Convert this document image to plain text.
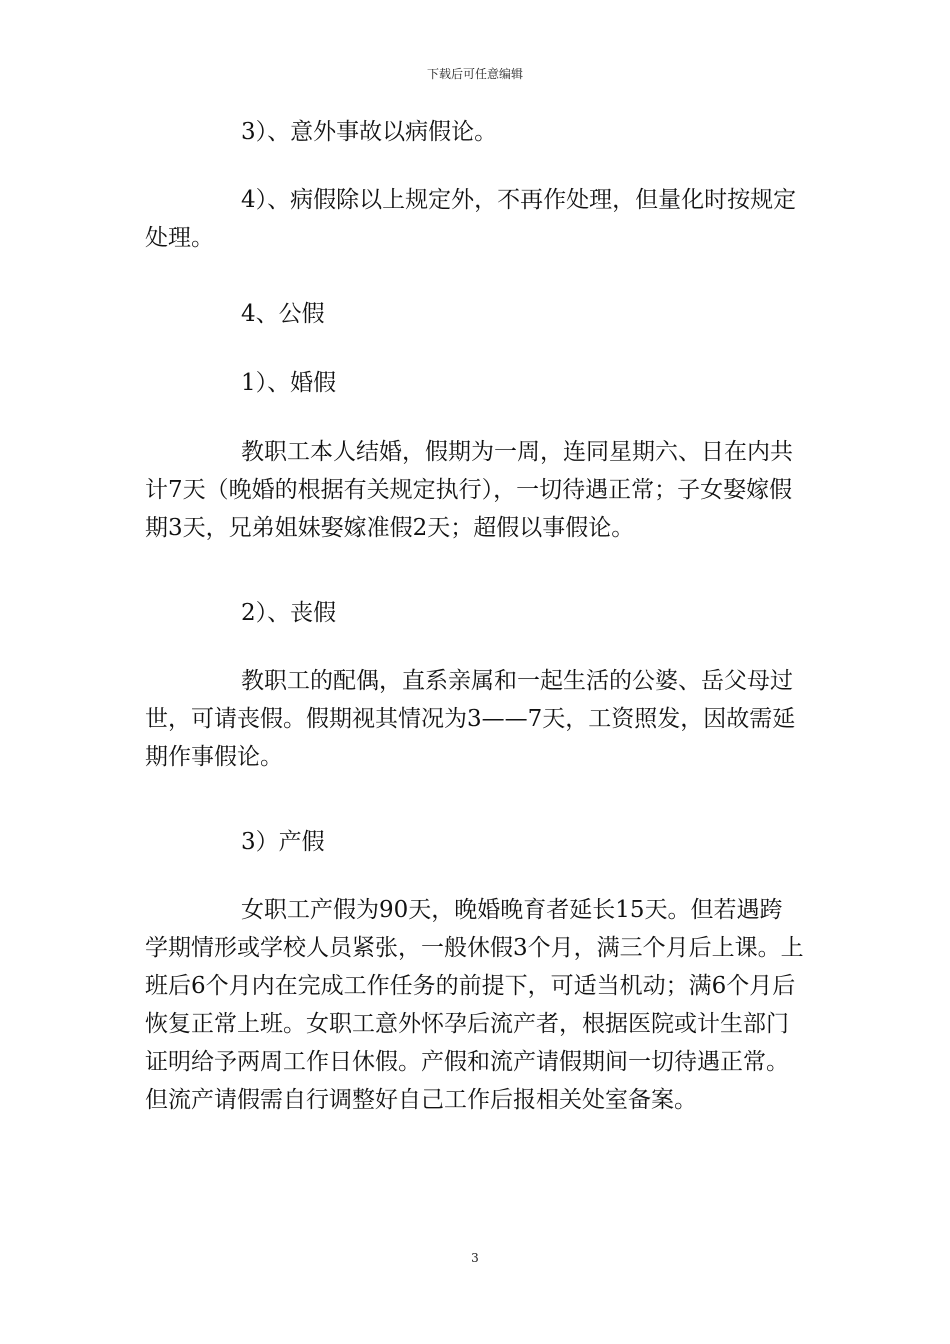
下载后可任意编辑

3）、意外事故以病假论。

4）、病假除以上规定外，不再作处理，但量化时按规定处理。

4、公假

1）、婚假

教职工本人结婚，假期为一周，连同星期六、日在内共计7天（晚婚的根据有关规定执行），一切待遇正常；子女娶嫁假期3天，兄弟姐妹娶嫁准假2天；超假以事假论。

2）、丧假

教职工的配偶，直系亲属和一起生活的公婆、岳父母过世，可请丧假。假期视其情况为3——7天，工资照发，因故需延期作事假论。

3）产假

女职工产假为90天，晚婚晚育者延长15天。但若遇跨学期情形或学校人员紧张，一般休假3个月，满三个月后上课。上班后6个月内在完成工作任务的前提下，可适当机动；满6个月后恢复正常上班。女职工意外怀孕后流产者，根据医院或计生部门证明给予两周工作日休假。产假和流产请假期间一切待遇正常。但流产请假需自行调整好自己工作后报相关处室备案。

3
